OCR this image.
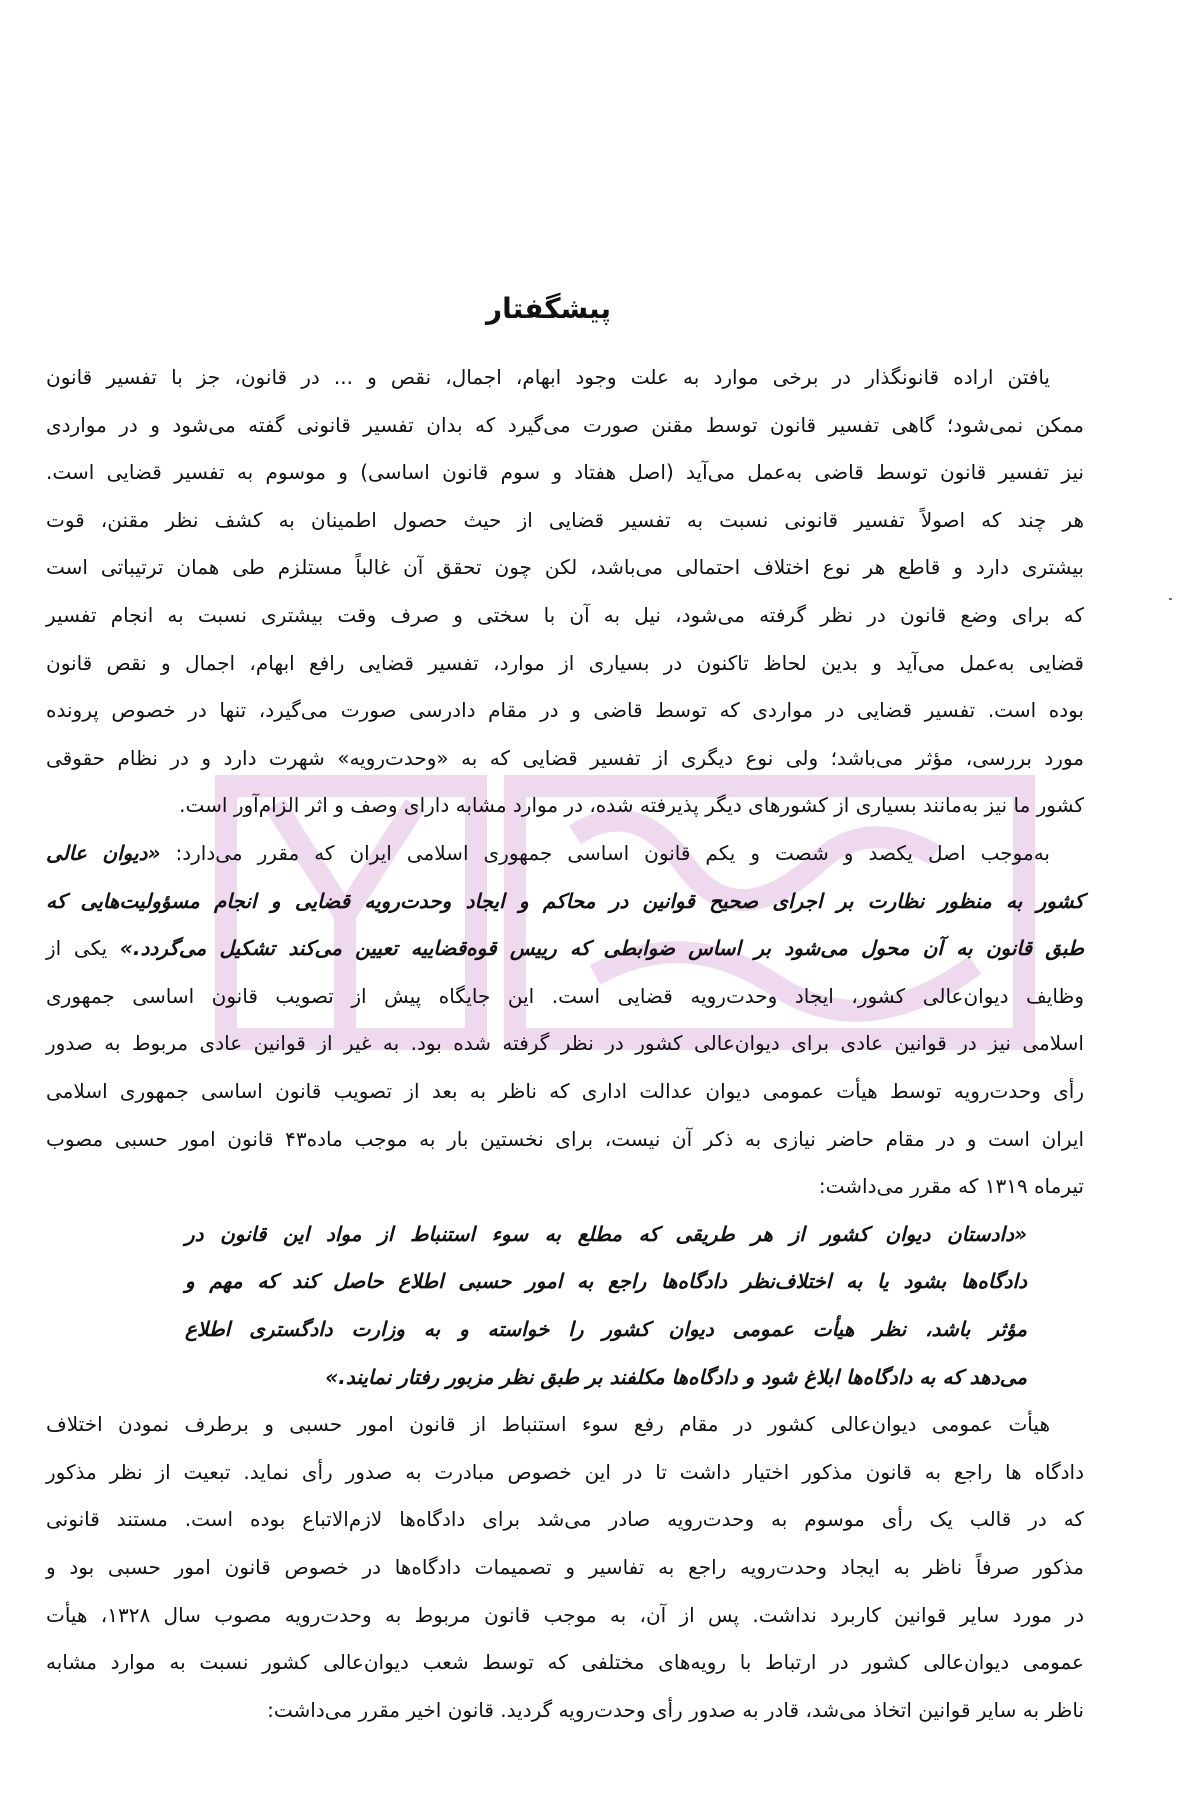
پیشگفتار
یافتن اراده قانونگذار در برخی موارد به علت وجود ابهام، اجمال، نقص و ... در قانون، جز با تفسیر قانون
ممکن نمی‌شود؛ گاهی تفسیر قانون توسط مقنن صورت می‌گیرد که بدان تفسیر قانونی گفته می‌شود و در مواردی
نیز تفسیر قانون توسط قاضی به‌عمل می‌آید (اصل هفتاد و سوم قانون اساسی) و موسوم به تفسیر قضایی است.
هر چند که اصولاً تفسیر قانونی نسبت به تفسیر قضایی از حیث حصول اطمینان به کشف نظر مقنن، قوت
بیشتری دارد و قاطع هر نوع اختلاف احتمالی می‌باشد، لکن چون تحقق آن غالباً مستلزم طی همان ترتیباتی است
که برای وضع قانون در نظر گرفته می‌شود، نیل به آن با سختی و صرف وقت بیشتری نسبت به انجام تفسیر
قضایی به‌عمل می‌آید و بدین لحاظ تاکنون در بسیاری از موارد، تفسیر قضایی رافع ابهام، اجمال و نقص قانون
بوده است. تفسیر قضایی در مواردی که توسط قاضی و در مقام دادرسی صورت می‌گیرد، تنها در خصوص پرونده
مورد بررسی، مؤثر می‌باشد؛ ولی نوع دیگری از تفسیر قضایی که به «وحدت‌رویه» شهرت دارد و در نظام حقوقی
کشور ما نیز به‌مانند بسیاری از کشورهای دیگر پذیرفته شده، در موارد مشابه دارای وصف و اثر الزام‌آور است.
به‌موجب اصل یکصد و شصت و یکم قانون اساسی جمهوری اسلامی ایران که مقرر می‌دارد: «دیوان عالی
کشور به منظور نظارت بر اجرای صحیح قوانین در محاکم و ایجاد وحدت‌رویه قضایی و انجام مسؤولیت‌هایی که
طبق قانون به آن محول می‌شود بر اساس ضوابطی که رییس قوه‌قضاییه تعیین می‌کند تشکیل می‌گردد.» یکی از
وظایف دیوان‌عالی کشور، ایجاد وحدت‌رویه قضایی است. این جایگاه پیش از تصویب قانون اساسی جمهوری
اسلامی نیز در قوانین عادی برای دیوان‌عالی کشور در نظر گرفته شده بود. به غیر از قوانین عادی مربوط به صدور
رأی وحدت‌رویه توسط هیأت عمومی دیوان عدالت اداری که ناظر به بعد از تصویب قانون اساسی جمهوری اسلامی
ایران است و در مقام حاضر نیازی به ذکر آن نیست، برای نخستین بار به موجب ماده۴۳ قانون امور حسبی مصوب
تیرماه ۱۳۱۹ که مقرر می‌داشت:
«دادستان دیوان کشور از هر طریقی که مطلع به سوء استنباط از مواد این قانون در
دادگاه‌ها بشود یا به اختلاف‌نظر دادگاه‌ها راجع به امور حسبی اطلاع حاصل کند که مهم و
مؤثر باشد، نظر هیأت عمومی دیوان کشور را خواسته و به وزارت دادگستری اطلاع
می‌دهد که به دادگاه‌ها ابلاغ شود و دادگاه‌ها مکلفند بر طبق نظر مزبور رفتار نمایند.»
هیأت عمومی دیوان‌عالی کشور در مقام رفع سوء استنباط از قانون امور حسبی و برطرف نمودن اختلاف
دادگاه ها راجع به قانون مذکور اختیار داشت تا در این خصوص مبادرت به صدور رأی نماید. تبعیت از نظر مذکور
که در قالب یک رأی موسوم به وحدت‌رویه صادر می‌شد برای دادگاه‌ها لازم‌الاتباع بوده است. مستند قانونی
مذکور صرفاً ناظر به ایجاد وحدت‌رویه راجع به تفاسیر و تصمیمات دادگاه‌ها در خصوص قانون امور حسبی بود و
در مورد سایر قوانین کاربرد نداشت. پس از آن، به موجب قانون مربوط به وحدت‌رویه مصوب سال ۱۳۲۸، هیأت
عمومی دیوان‌عالی کشور در ارتباط با رویه‌های مختلفی که توسط شعب دیوان‌عالی کشور نسبت به موارد مشابه
ناظر به سایر قوانین اتخاذ می‌شد، قادر به صدور رأی وحدت‌رویه گردید. قانون اخیر مقرر می‌داشت:
